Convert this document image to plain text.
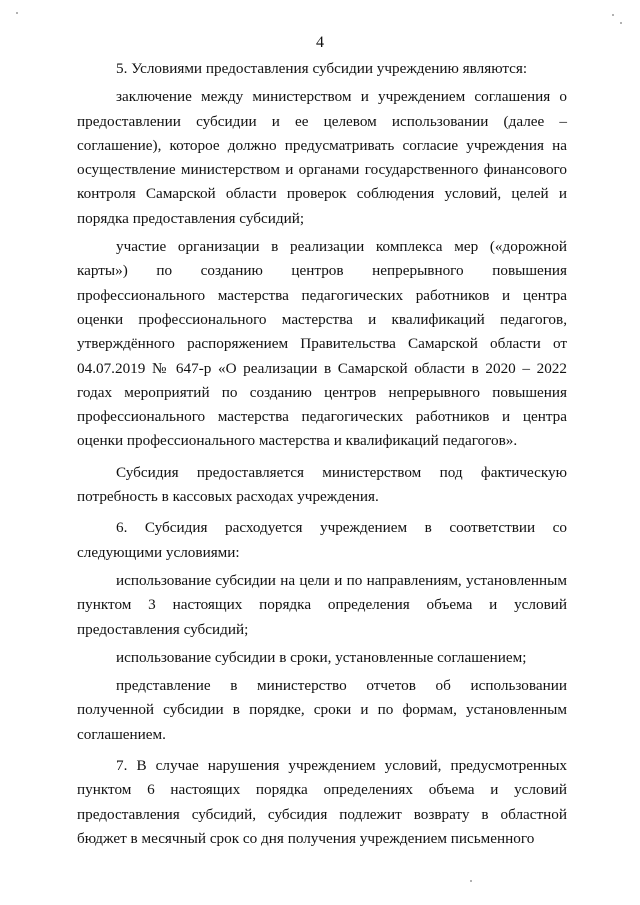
4

5. Условиями предоставления субсидии учреждению являются:

заключение между министерством и учреждением соглашения о предоставлении субсидии и ее целевом использовании (далее – соглашение), которое должно предусматривать согласие учреждения на осуществление министерством и органами государственного финансового контроля Самарской области проверок соблюдения условий, целей и порядка предоставления субсидий;

участие организации в реализации комплекса мер («дорожной карты») по созданию центров непрерывного повышения профессионального мастерства педагогических работников и центра оценки профессионального мастерства и квалификаций педагогов, утверждённого распоряжением Правительства Самарской области от 04.07.2019 № 647-р «О реализации в Самарской области в 2020 – 2022 годах мероприятий по созданию центров непрерывного повышения профессионального мастерства педагогических работников и центра оценки профессионального мастерства и квалификаций педагогов».

Субсидия предоставляется министерством под фактическую потребность в кассовых расходах учреждения.

6. Субсидия расходуется учреждением в соответствии со следующими условиями:

использование субсидии на цели и по направлениям, установленным пунктом 3 настоящих порядка определения объема и условий предоставления субсидий;

использование субсидии в сроки, установленные соглашением;

представление в министерство отчетов об использовании полученной субсидии в порядке, сроки и по формам, установленным соглашением.

7. В случае нарушения учреждением условий, предусмотренных пунктом 6 настоящих порядка определениях объема и условий предоставления субсидий, субсидия подлежит возврату в областной бюджет в месячный срок со дня получения учреждением письменного
